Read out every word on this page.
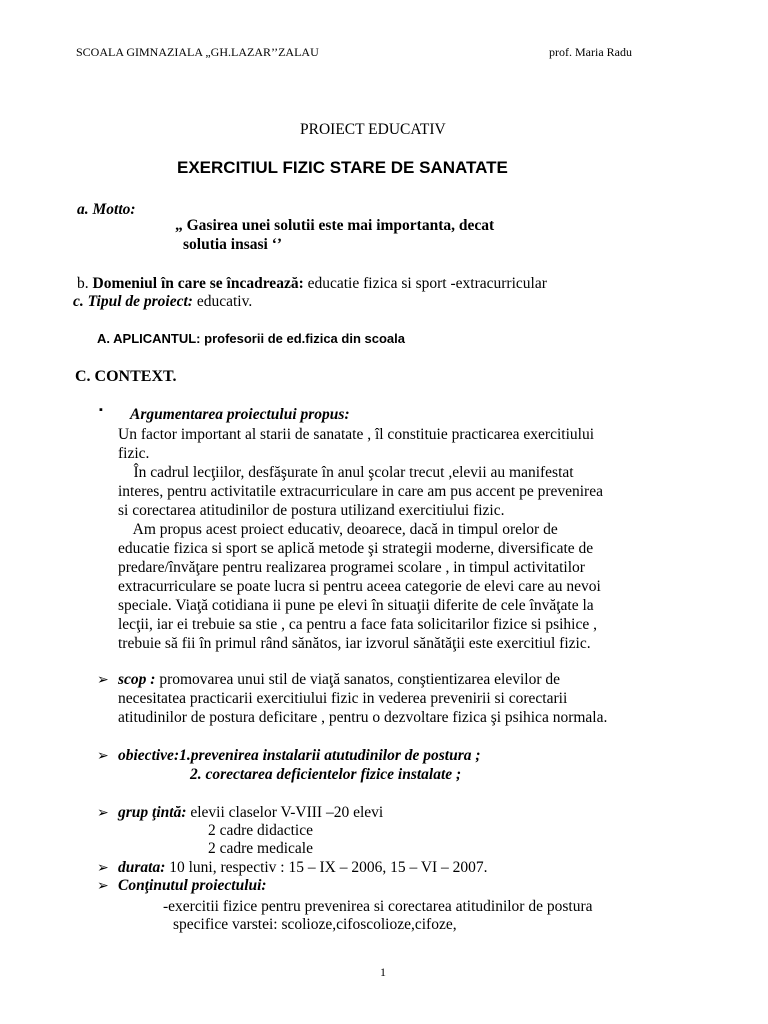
SCOALA GIMNAZIALA „GH.LAZAR’’ZALAU	prof. Maria Radu
PROIECT EDUCATIV
EXERCITIUL FIZIC STARE DE SANATATE
a. Motto:
„ Gasirea unei solutii este mai importanta, decat
solutia insasi ‘’
b. Domeniul în care se încadrează: educatie fizica si sport -extracurricular
c. Tipul de proiect: educativ.
A. APLICANTUL: profesorii de ed.fizica din scoala
C. CONTEXT.
▪ Argumentarea proiectului propus:
Un factor important al starii de sanatate , îl constituie practicarea exercitiului
fizic.
În cadrul lecţiilor, desfăşurate în anul şcolar trecut ,elevii au manifestat
interes, pentru activitatile extracurriculare in care am pus accent pe prevenirea
si corectarea atitudinilor de postura utilizand exercitiului fizic.
Am propus acest proiect educativ, deoarece, dacă in timpul orelor de
educatie fizica si sport se aplică metode şi strategii moderne, diversificate de
predare/învăţare pentru realizarea programei scolare , in timpul activitatilor
extracurriculare se poate lucra si pentru aceea categorie de elevi care au nevoi
speciale. Viaţă cotidiana ii pune pe elevi în situaţii diferite de cele învăţate la
lecţii, iar ei trebuie sa stie , ca pentru a face fata solicitarilor fizice si psihice ,
trebuie să fii în primul rând sănătos, iar izvorul sănătăţii este exercitiul fizic.
➢ scop : promovarea unui stil de viaţă sanatos, conştientizarea elevilor de
necesitatea practicarii exercitiului fizic in vederea prevenirii si corectarii
atitudinilor de postura deficitare , pentru o dezvoltare fizica şi psihica normala.
➢ obiective:1.prevenirea instalarii atutudinilor de postura ;
2. corectarea deficientelor fizice instalate ;
➢ grup ţintă: elevii claselor V-VIII –20 elevi
2 cadre didactice
2 cadre medicale
➢ durata: 10 luni, respectiv : 15 – IX – 2006, 15 – VI – 2007.
➢ Conţinutul proiectului:
-exercitii fizice pentru prevenirea si corectarea atitudinilor de postura
specifice varstei: scolioze,cifoscolioze,cifoze,
1
